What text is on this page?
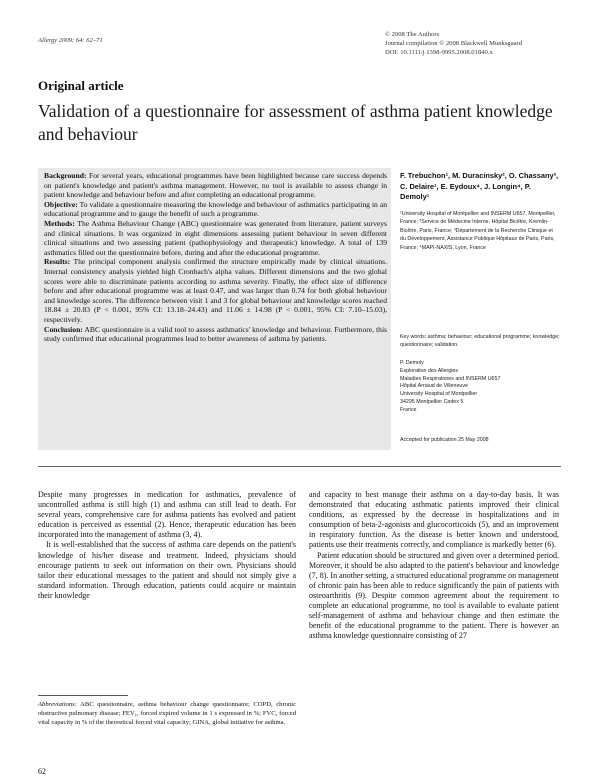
Allergy 2009: 64: 62–71
© 2008 The Authors
Journal compilation © 2008 Blackwell Munksgaard
DOI: 10.1111/j.1398-9995.2008.01840.x
Original article
Validation of a questionnaire for assessment of asthma patient knowledge and behaviour

Background: For several years, educational programmes have been highlighted because care success depends on patient's knowledge and patient's asthma management. However, no tool is available to assess change in patient knowledge and behaviour before and after completing an educational programme.

Objective: To validate a questionnaire measuring the knowledge and behaviour of asthmatics participating in an educational programme and to gauge the benefit of such a programme.

Methods: The Asthma Behaviour Change (ABC) questionnaire was generated from literature, patient surveys and clinical situations. It was organized in eight dimensions assessing patient behaviour in seven different clinical situations and two assessing patient (pathophysiology and therapeutic) knowledge. A total of 139 asthmatics filled out the questionnaire before, during and after the educational programme.

Results: The principal component analysis confirmed the structure empirically made by clinical situations. Internal consistency analysis yielded high Cronbach's alpha values. Different dimensions and the two global scores were able to discriminate patients according to asthma severity. Finally, the effect size of difference before and after educational programme was at least 0.47, and was larger than 0.74 for both global behaviour and knowledge scores. The difference between visit 1 and 3 for global behaviour and knowledge scores reached 18.84 ± 20.83 (P < 0.001, 95% CI: 13.18–24.43) and 11.06 ± 14.98 (P < 0.001, 95% CI: 7.10–15.03), respectively.

Conclusion: ABC questionnaire is a valid tool to assess asthmatics' knowledge and behaviour. Furthermore, this study confirmed that educational programmes lead to better awareness of asthma by patients.

F. Trebuchon¹, M. Duracinsky², O. Chassany³, C. Delaire¹, E. Eydoux⁴, J. Longin⁴, P. Demoly¹
¹University Hospital of Montpellier and INSERM U657, Montpellier, France; ²Service de Médecine Interne, Hôpital Bicêtre, Kremlin-Bicêtre, Paris, France; ³Département de la Recherche Clinique et du Développement, Assistance Publique Hôpitaux de Paris, Paris, France; ⁴MAPI-NAXIS, Lyon, France
Key words: asthma; behaviour; educational programme; knowledge; questionnaire; validation.
P. Demoly
Exploration des Allergies
Maladies Respiratoires and INSERM U657
Hôpital Arnaud de Villeneuve
University Hospital of Montpellier
34295 Montpellier Cedex 5
France
Accepted for publication 25 May 2008

Despite many progresses in medication for asthmatics, prevalence of uncontrolled asthma is still high (1) and asthma can still lead to death. For several years, comprehensive care for asthma patients has evolved and patient education is perceived as essential (2). Hence, therapeutic education has been incorporated into the management of asthma (3, 4).

It is well-established that the success of asthma care depends on the patient's knowledge of his/her disease and treatment. Indeed, physicians should encourage patients to seek out information on their own. Physicians should tailor their educational messages to the patient and should not simply give a standard information. Through education, patients could acquire or maintain their knowledge

and capacity to best manage their asthma on a day-to-day basis. It was demonstrated that educating asthmatic patients improved their clinical conditions, as expressed by the decrease in hospitalizations and in consumption of beta-2-agonists and glucocorticoids (5), and an improvement in respiratory function. As the disease is better known and understood, patients use their treatments correctly, and compliance is markedly better (6).

Patient education should be structured and given over a determined period. Moreover, it should be also adapted to the patient's behaviour and knowledge (7, 8). In another setting, a structured educational programme on management of chronic pain has been able to reduce significantly the pain of patients with osteoarthritis (9). Despite common agreement about the requirement to complete an educational programme, no tool is available to evaluate patient self-management of asthma and behaviour change and then estimate the benefit of the educational programme to the patient. There is however an asthma knowledge questionnaire consisting of 27

Abbreviations: ABC questionnaire, asthma behaviour change questionnaire; COPD, chronic obstructive pulmonary disease; FEV₁, forced expired volume in 1 s expressed in %; FVC, forced vital capacity in % of the theoretical forced vital capacity; GINA, global initiative for asthma.
62
